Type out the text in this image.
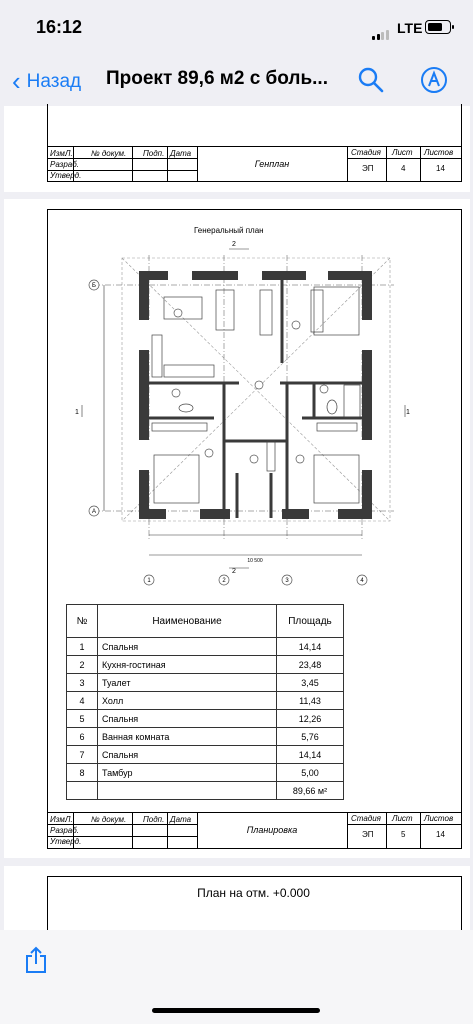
16:12	LTE
‹ Назад Проект 89,6 м2 с боль...
Изм.
Л. № докум. Подп. Дата
Разраб.
Утверд.
Генплан
Стадия Лист Листов
ЭП	4	14
Генеральный план
Б
А
1	2	3	4
10 500
2
2
1	1
№	Наименование	Площадь
1	Спальня	14,14
2	Кухня-гостиная	23,48
3	Туалет	3,45
4	Холл	11,43
5	Спальня	12,26
6	Ванная комната	5,76
7	Спальня	14,14
8	Тамбур	5,00
		89,66 м²
Изм.
Л. № докум. Подп. Дата
Разраб.
Утверд.
Планировка
Стадия Лист Листов
ЭП	5	14
План на отм. +0.000
